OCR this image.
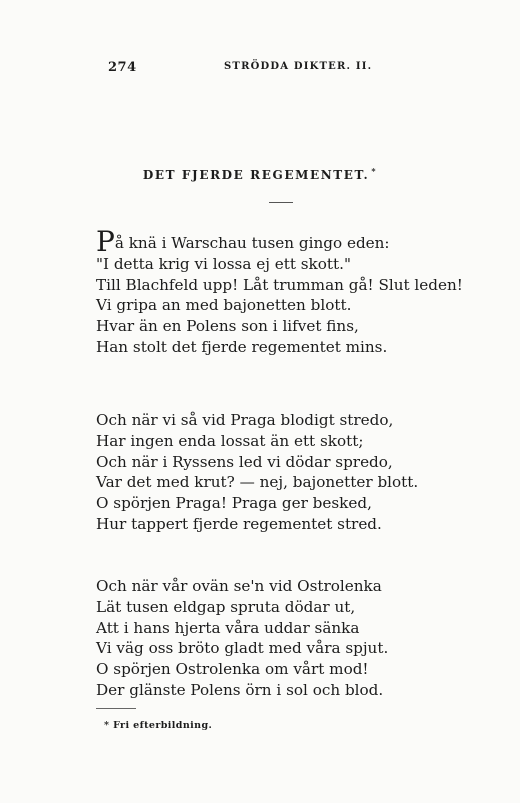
274	STRÖDDA DIKTER. II.
DET FJERDE REGEMENTET. *
På knä i Warschau tusen gingo eden:
"I detta krig vi lossa ej ett skott."
Till Blachfeld upp! Låt trumman gå! Slut leden!
Vi gripa an med bajonetten blott.
Hvar än en Polens son i lifvet fins,
Han stolt det fjerde regementet mins.
Och när vi så vid Praga blodigt stredo,
Har ingen enda lossat än ett skott;
Och när i Ryssens led vi dödar spredo,
Var det med krut? — nej, bajonetter blott.
O spörjen Praga! Praga ger besked,
Hur tappert fjerde regementet stred.
Och när vår ovän se'n vid Ostrolenka
Lät tusen eldgap spruta dödar ut,
Att i hans hjerta våra uddar sänka
Vi väg oss bröto gladt med våra spjut.
O spörjen Ostrolenka om vårt mod!
Der glänste Polens örn i sol och blod.
* Fri efterbildning.
